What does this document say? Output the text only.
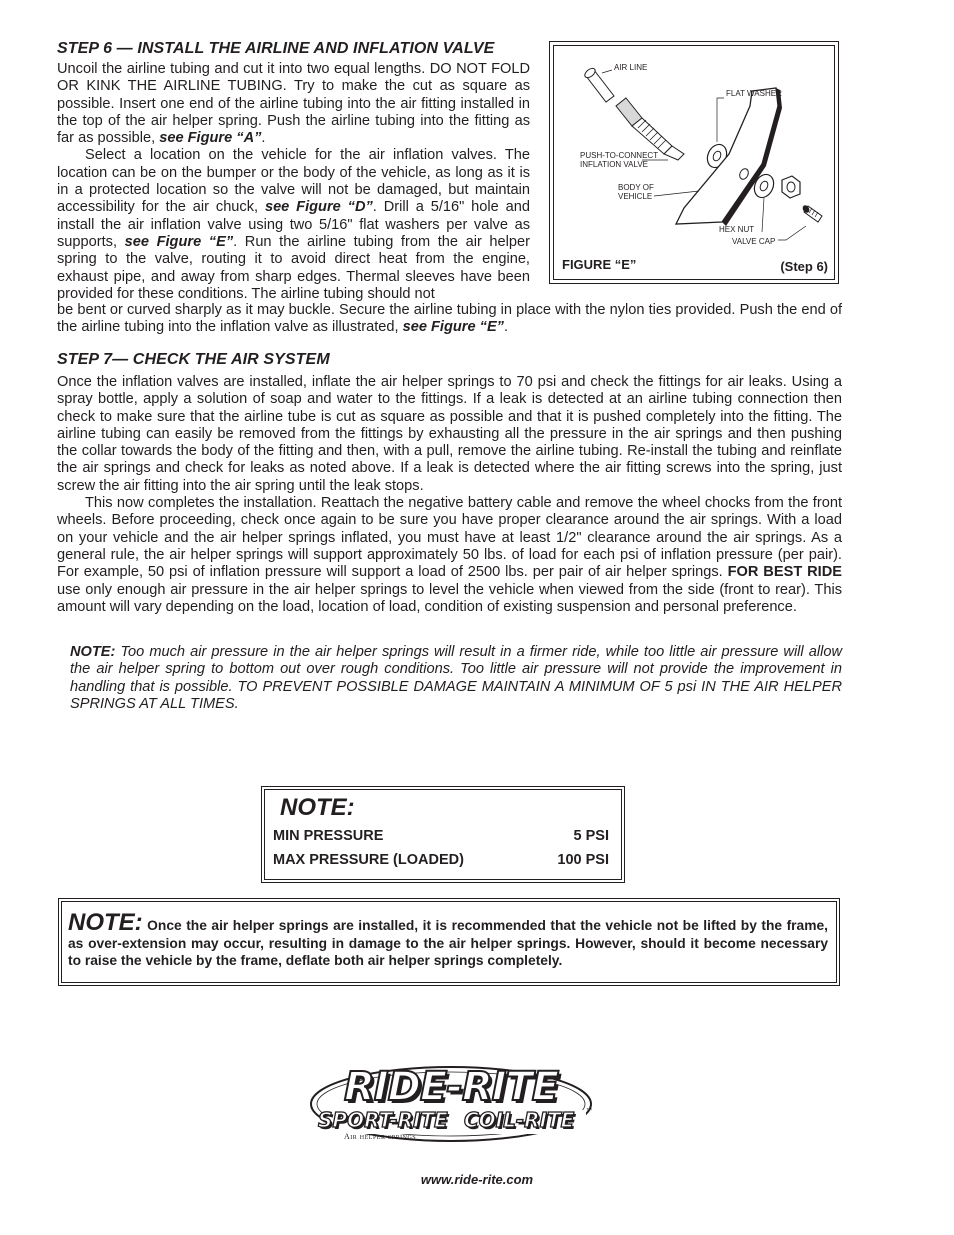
STEP 6 — INSTALL THE AIRLINE AND INFLATION VALVE

Uncoil the airline tubing and cut it into two equal lengths. DO NOT FOLD OR KINK THE AIRLINE TUBING. Try to make the cut as square as possible. Insert one end of the airline tubing into the air fitting installed in the top of the air helper spring. Push the airline tubing into the fitting as far as possible, see Figure “A”.

Select a location on the vehicle for the air inflation valves. The location can be on the bumper or the body of the vehicle, as long as it is in a protected location so the valve will not be damaged, but maintain accessibility for the air chuck, see Figure “D”. Drill a 5/16" hole and install the air inflation valve using two 5/16" flat washers per valve as supports, see Figure “E”. Run the airline tubing from the air helper spring to the valve, routing it to avoid direct heat from the engine, exhaust pipe, and away from sharp edges. Thermal sleeves have been provided for these conditions. The airline tubing should not

be bent or curved sharply as it may buckle. Secure the airline tubing in place with the nylon ties provided. Push the end of the airline tubing into the inflation valve as illustrated, see Figure “E”.

AIR LINE
FLAT WASHER
PUSH-TO-CONNECT
INFLATION VALVE
BODY OF
VEHICLE
HEX NUT
VALVE CAP
FIGURE “E”	(Step 6)
STEP 7— CHECK THE AIR SYSTEM

Once the inflation valves are installed, inflate the air helper springs to 70 psi and check the fittings for air leaks. Using a spray bottle, apply a solution of soap and water to the fittings. If a leak is detected at an airline tubing connection then check to make sure that the airline tube is cut as square as possible and that it is pushed completely into the fitting. The airline tubing can easily be removed from the fittings by exhausting all the pressure in the air springs and then pushing the collar towards the body of the fitting and then, with a pull, remove the airline tubing. Re-install the tubing and reinflate the air springs and check for leaks as noted above. If a leak is detected where the air fitting screws into the spring, just screw the air fitting into the air spring until the leak stops.

This now completes the installation. Reattach the negative battery cable and remove the wheel chocks from the front wheels. Before proceeding, check once again to be sure you have proper clearance around the air springs. With a load on your vehicle and the air helper springs inflated, you must have at least 1/2" clearance around the air springs. As a general rule, the air helper springs will support approximately 50 lbs. of load for each psi of inflation pressure (per pair). For example, 50 psi of inflation pressure will support a load of 2500 lbs. per pair of air helper springs. FOR BEST RIDE use only enough air pressure in the air helper springs to level the vehicle when viewed from the side (front to rear). This amount will vary depending on the load, location of load, condition of existing suspension and personal preference.

NOTE: Too much air pressure in the air helper springs will result in a firmer ride, while too little air pressure will allow the air helper spring to bottom out over rough conditions. Too little air pressure will not provide the improvement in handling that is possible. TO PREVENT POSSIBLE DAMAGE MAINTAIN A MINIMUM OF 5 psi IN THE AIR HELPER SPRINGS AT ALL TIMES.
NOTE:
MIN PRESSURE	5 PSI
MAX PRESSURE (LOADED)	100 PSI
NOTE: Once the air helper springs are installed, it is recommended that the vehicle not be lifted by the frame, as over-extension may occur, resulting in damage to the air helper springs. However, should it become necessary to raise the vehicle by the frame, deflate both air helper springs completely.
RIDE-RITE
SPORT-RITE COIL-RITE ™
Air helper springs
www.ride-rite.com
